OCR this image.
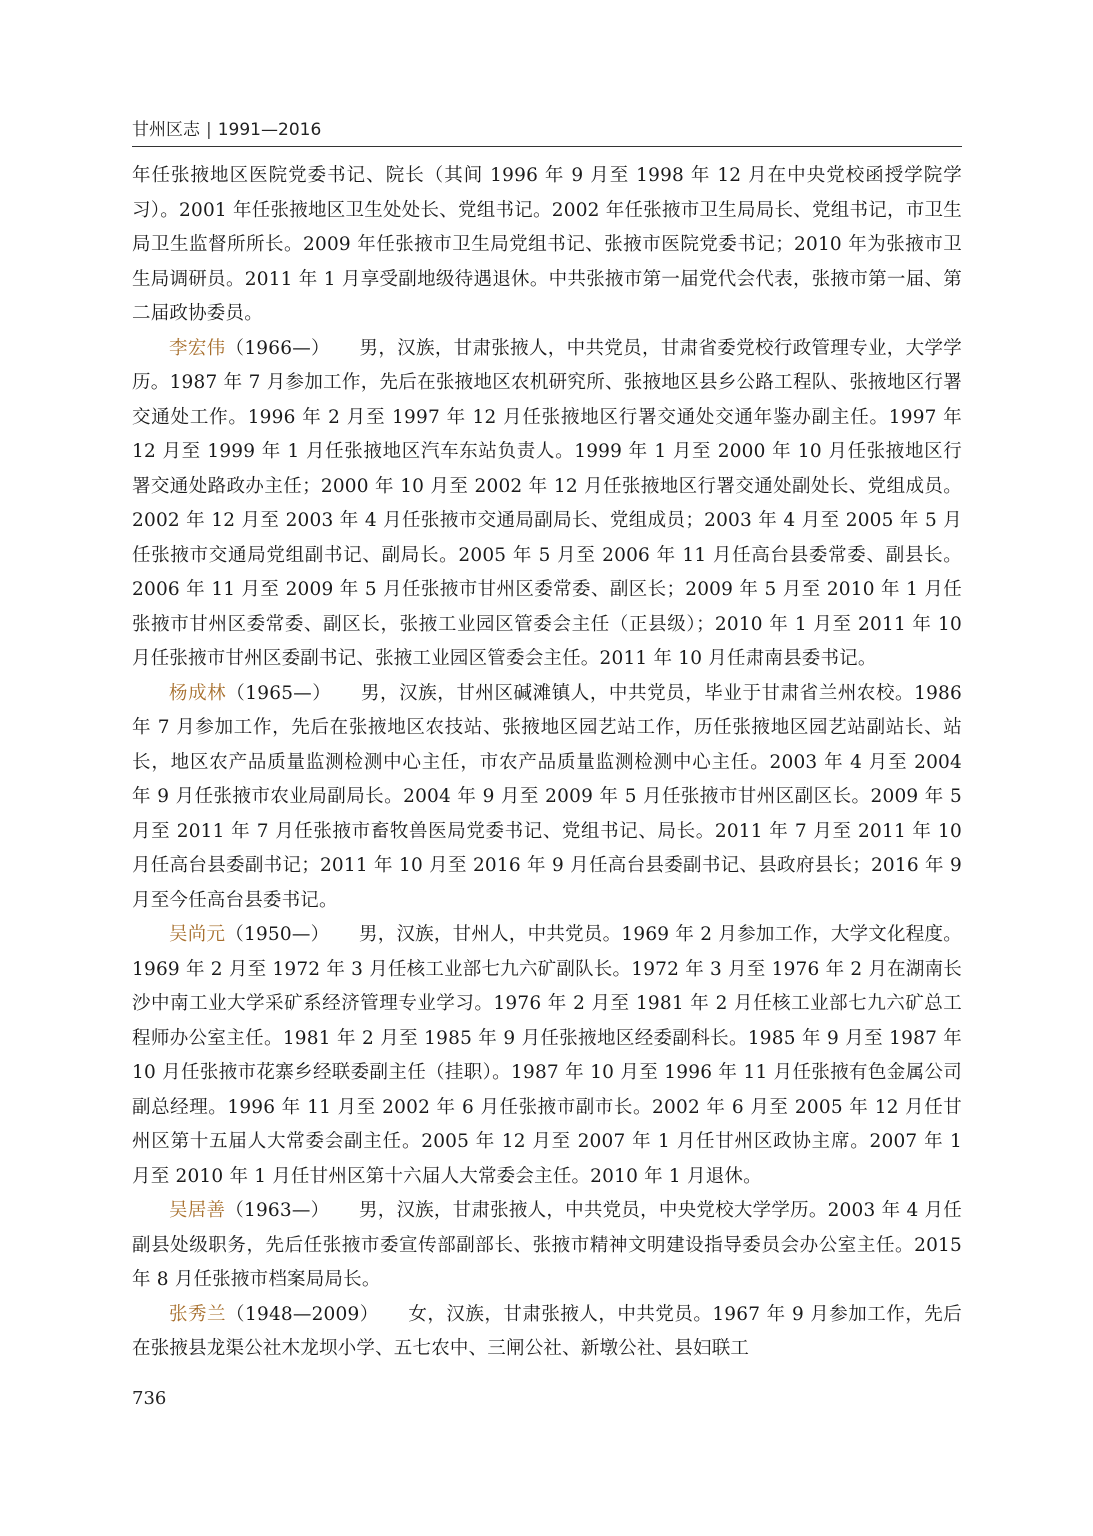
甘州区志 | 1991—2016

年任张掖地区医院党委书记、院长（其间 1996 年 9 月至 1998 年 12 月在中央党校函授学院学习）。2001 年任张掖地区卫生处处长、党组书记。2002 年任张掖市卫生局局长、党组书记，市卫生局卫生监督所所长。2009 年任张掖市卫生局党组书记、张掖市医院党委书记；2010 年为张掖市卫生局调研员。2011 年 1 月享受副地级待遇退休。中共张掖市第一届党代会代表，张掖市第一届、第二届政协委员。

李宏伟（1966—） 男，汉族，甘肃张掖人，中共党员，甘肃省委党校行政管理专业，大学学历。1987 年 7 月参加工作，先后在张掖地区农机研究所、张掖地区县乡公路工程队、张掖地区行署交通处工作。1996 年 2 月至 1997 年 12 月任张掖地区行署交通处交通年鉴办副主任。1997 年 12 月至 1999 年 1 月任张掖地区汽车东站负责人。1999 年 1 月至 2000 年 10 月任张掖地区行署交通处路政办主任；2000 年 10 月至 2002 年 12 月任张掖地区行署交通处副处长、党组成员。2002 年 12 月至 2003 年 4 月任张掖市交通局副局长、党组成员；2003 年 4 月至 2005 年 5 月任张掖市交通局党组副书记、副局长。2005 年 5 月至 2006 年 11 月任高台县委常委、副县长。2006 年 11 月至 2009 年 5 月任张掖市甘州区委常委、副区长；2009 年 5 月至 2010 年 1 月任张掖市甘州区委常委、副区长，张掖工业园区管委会主任（正县级）；2010 年 1 月至 2011 年 10 月任张掖市甘州区委副书记、张掖工业园区管委会主任。2011 年 10 月任肃南县委书记。

杨成林（1965—） 男，汉族，甘州区碱滩镇人，中共党员，毕业于甘肃省兰州农校。1986 年 7 月参加工作，先后在张掖地区农技站、张掖地区园艺站工作，历任张掖地区园艺站副站长、站长，地区农产品质量监测检测中心主任，市农产品质量监测检测中心主任。2003 年 4 月至 2004 年 9 月任张掖市农业局副局长。2004 年 9 月至 2009 年 5 月任张掖市甘州区副区长。2009 年 5 月至 2011 年 7 月任张掖市畜牧兽医局党委书记、党组书记、局长。2011 年 7 月至 2011 年 10 月任高台县委副书记；2011 年 10 月至 2016 年 9 月任高台县委副书记、县政府县长；2016 年 9 月至今任高台县委书记。

吴尚元（1950—） 男，汉族，甘州人，中共党员。1969 年 2 月参加工作，大学文化程度。1969 年 2 月至 1972 年 3 月任核工业部七九六矿副队长。1972 年 3 月至 1976 年 2 月在湖南长沙中南工业大学采矿系经济管理专业学习。1976 年 2 月至 1981 年 2 月任核工业部七九六矿总工程师办公室主任。1981 年 2 月至 1985 年 9 月任张掖地区经委副科长。1985 年 9 月至 1987 年 10 月任张掖市花寨乡经联委副主任（挂职）。1987 年 10 月至 1996 年 11 月任张掖有色金属公司副总经理。1996 年 11 月至 2002 年 6 月任张掖市副市长。2002 年 6 月至 2005 年 12 月任甘州区第十五届人大常委会副主任。2005 年 12 月至 2007 年 1 月任甘州区政协主席。2007 年 1 月至 2010 年 1 月任甘州区第十六届人大常委会主任。2010 年 1 月退休。

吴居善（1963—） 男，汉族，甘肃张掖人，中共党员，中央党校大学学历。2003 年 4 月任副县处级职务，先后任张掖市委宣传部副部长、张掖市精神文明建设指导委员会办公室主任。2015 年 8 月任张掖市档案局局长。

张秀兰（1948—2009） 女，汉族，甘肃张掖人，中共党员。1967 年 9 月参加工作，先后在张掖县龙渠公社木龙坝小学、五七农中、三闸公社、新墩公社、县妇联工

736
